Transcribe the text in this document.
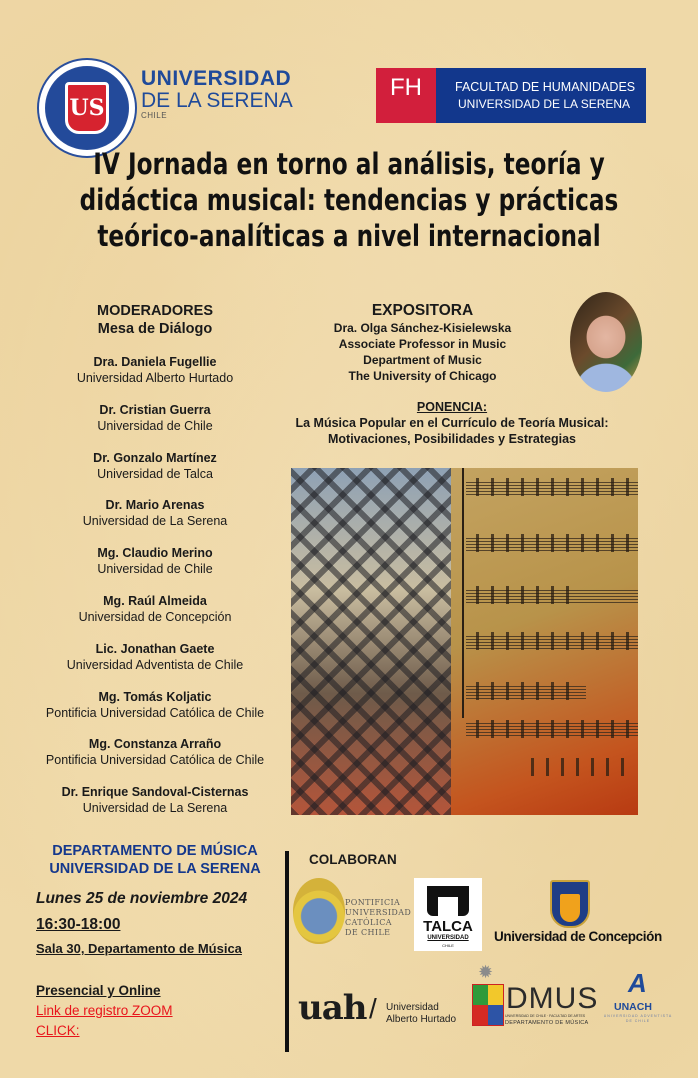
US
UNIVERSIDAD
DE LA SERENA
CHILE
FH	FACULTAD DE HUMANIDADES
UNIVERSIDAD DE LA SERENA
IV Jornada en torno al análisis, teoría y
didáctica musical: tendencias y prácticas
teórico-analíticas a nivel internacional
MODERADORES
Mesa de Diálogo
Dra. Daniela Fugellie
Universidad Alberto Hurtado
Dr. Cristian Guerra
Universidad de Chile
Dr. Gonzalo Martínez
Universidad de Talca
Dr. Mario Arenas
Universidad de La Serena
Mg. Claudio Merino
Universidad de Chile
Mg. Raúl Almeida
Universidad de Concepción
Lic. Jonathan Gaete
Universidad Adventista de Chile
Mg. Tomás Koljatic
Pontificia Universidad Católica de Chile
Mg. Constanza Arraño
Pontificia Universidad Católica de Chile
Dr. Enrique Sandoval-Cisternas
Universidad de La Serena
EXPOSITORA
Dra. Olga Sánchez-Kisielewska
Associate Professor in Music
Department of Music
The University of Chicago
PONENCIA:
La Música Popular en el Currículo de Teoría Musical:
Motivaciones, Posibilidades y Estrategias
DEPARTAMENTO DE MÚSICA
UNIVERSIDAD DE LA SERENA
Lunes 25 de noviembre 2024
16:30-18:00
Sala 30, Departamento de Música
Presencial y Online
Link de registro ZOOM
CLICK:
COLABORAN
PONTIFICIA
UNIVERSIDAD
CATÓLICA
DE CHILE	TALCA
UNIVERSIDAD
CHILE
Universidad de Concepción
uah / Universidad
Alberto Hurtado
✹
DMUS
UNIVERSIDAD DE CHILE · FACULTAD DE ARTES
DEPARTAMENTO DE MÚSICA
A
UNACH
UNIVERSIDAD ADVENTISTA
DE CHILE
